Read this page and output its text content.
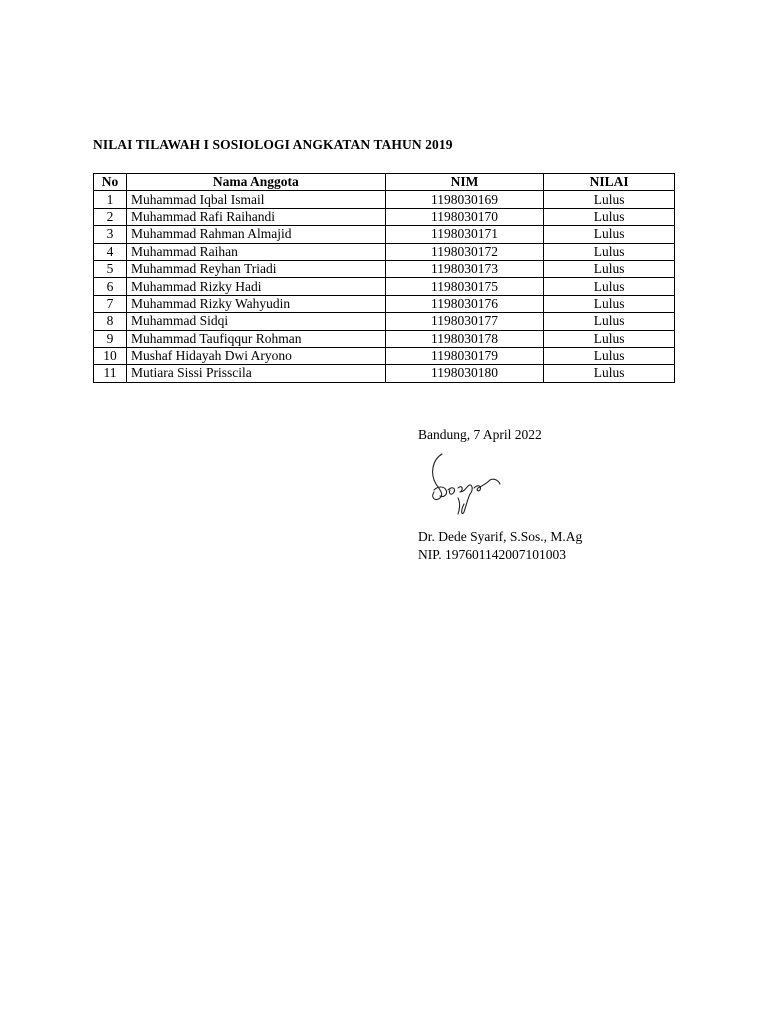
NILAI TILAWAH I SOSIOLOGI ANGKATAN TAHUN 2019
No	Nama Anggota	NIM	NILAI
1	Muhammad Iqbal Ismail	1198030169	Lulus
2	Muhammad Rafi Raihandi	1198030170	Lulus
3	Muhammad Rahman Almajid	1198030171	Lulus
4	Muhammad Raihan	1198030172	Lulus
5	Muhammad Reyhan Triadi	1198030173	Lulus
6	Muhammad Rizky Hadi	1198030175	Lulus
7	Muhammad Rizky Wahyudin	1198030176	Lulus
8	Muhammad Sidqi	1198030177	Lulus
9	Muhammad Taufiqqur Rohman	1198030178	Lulus
10	Mushaf Hidayah Dwi Aryono	1198030179	Lulus
11	Mutiara Sissi Prisscila	1198030180	Lulus
Bandung, 7 April 2022
Dr. Dede Syarif, S.Sos., M.Ag
NIP. 197601142007101003
